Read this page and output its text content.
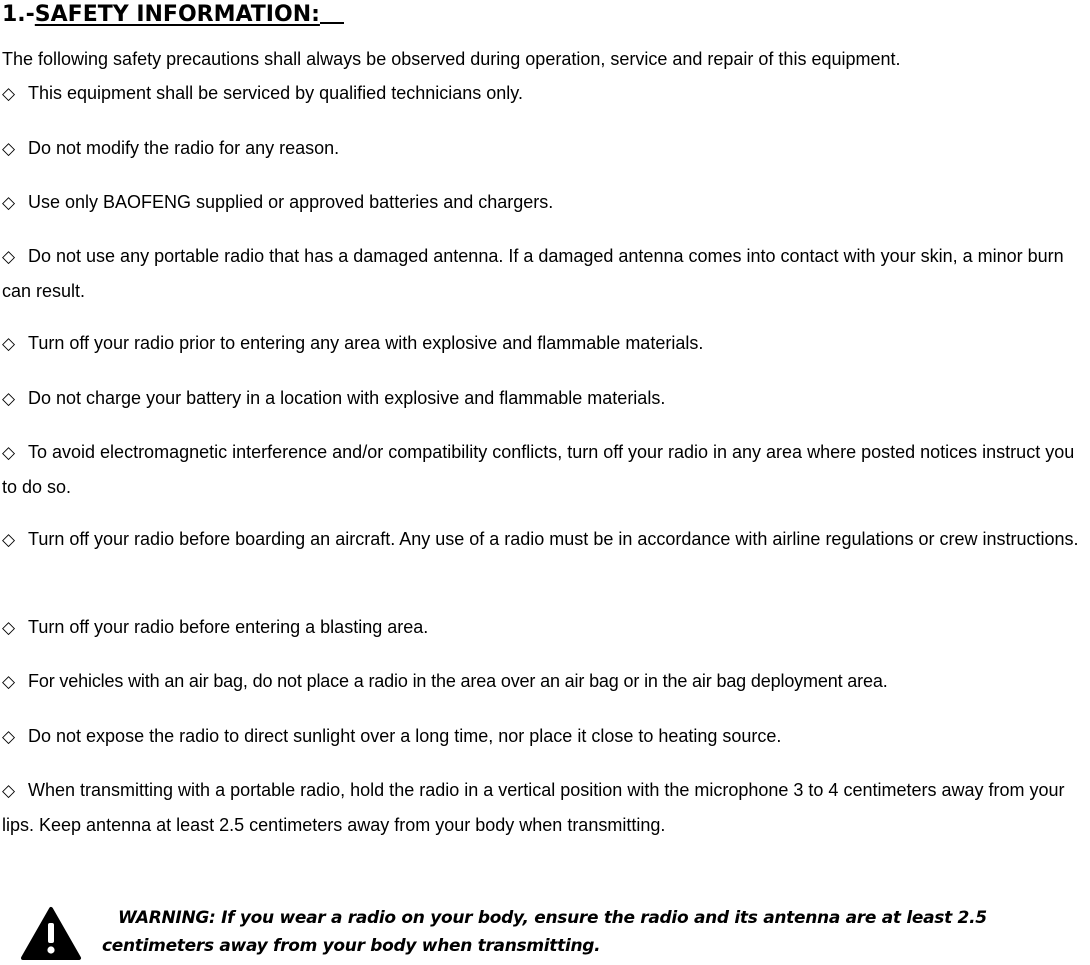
1.-SAFETY INFORMATION:
The following safety precautions shall always be observed during operation, service and repair of this equipment.
◇ This equipment shall be serviced by qualified technicians only.
◇ Do not modify the radio for any reason.
◇ Use only BAOFENG supplied or approved batteries and chargers.
◇ Do not use any portable radio that has a damaged antenna. If a damaged antenna comes into contact with your skin, a minor burn can result.
◇ Turn off your radio prior to entering any area with explosive and flammable materials.
◇ Do not charge your battery in a location with explosive and flammable materials.
◇ To avoid electromagnetic interference and/or compatibility conflicts, turn off your radio in any area where posted notices instruct you to do so.
◇ Turn off your radio before boarding an aircraft. Any use of a radio must be in accordance with airline regulations or crew instructions.
◇ Turn off your radio before entering a blasting area.
◇ For vehicles with an air bag, do not place a radio in the area over an air bag or in the air bag deployment area.
◇ Do not expose the radio to direct sunlight over a long time, nor place it close to heating source.
◇ When transmitting with a portable radio, hold the radio in a vertical position with the microphone 3 to 4 centimeters away from your lips. Keep antenna at least 2.5 centimeters away from your body when transmitting.
WARNING: If you wear a radio on your body, ensure the radio and its antenna are at least 2.5 centimeters away from your body when transmitting.
